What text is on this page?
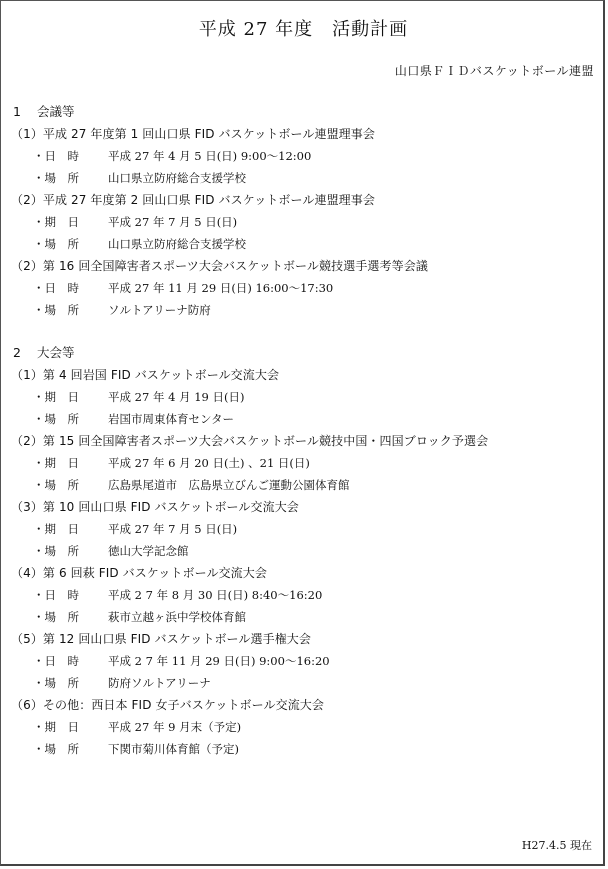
平成 27 年度　活動計画
山口県ＦＩＤバスケットボール連盟
1 会議等
（1）平成 27 年度第 1 回山口県 FID バスケットボール連盟理事会
・日　時	平成 27 年 4 月 5 日(日) 9:00〜12:00
・場　所	山口県立防府総合支援学校
（2）平成 27 年度第 2 回山口県 FID バスケットボール連盟理事会
・期　日	平成 27 年 7 月 5 日(日)
・場　所	山口県立防府総合支援学校
（2）第 16 回全国障害者スポーツ大会バスケットボール競技選手選考等会議
・日　時	平成 27 年 11 月 29 日(日) 16:00〜17:30
・場　所	ソルトアリーナ防府
2 大会等
（1）第 4 回岩国 FID バスケットボール交流大会
・期　日	平成 27 年 4 月 19 日(日)
・場　所	岩国市周東体育センター
（2）第 15 回全国障害者スポーツ大会バスケットボール競技中国・四国ブロック予選会
・期　日	平成 27 年 6 月 20 日(土) 、21 日(日)
・場　所	広島県尾道市　広島県立びんご運動公園体育館
（3）第 10 回山口県 FID バスケットボール交流大会
・期　日	平成 27 年 7 月 5 日(日)
・場　所	徳山大学記念館
（4）第 6 回萩 FID バスケットボール交流大会
・日　時	平成 2 7 年 8 月 30 日(日) 8:40〜16:20
・場　所	萩市立越ヶ浜中学校体育館
（5）第 12 回山口県 FID バスケットボール選手権大会
・日　時	平成 2 7 年 11 月 29 日(日) 9:00〜16:20
・場　所	防府ソルトアリーナ
（6）その他：西日本 FID 女子バスケットボール交流大会
・期　日	平成 27 年 9 月末（予定)
・場　所	下関市菊川体育館（予定)
H27.4.5 現在
